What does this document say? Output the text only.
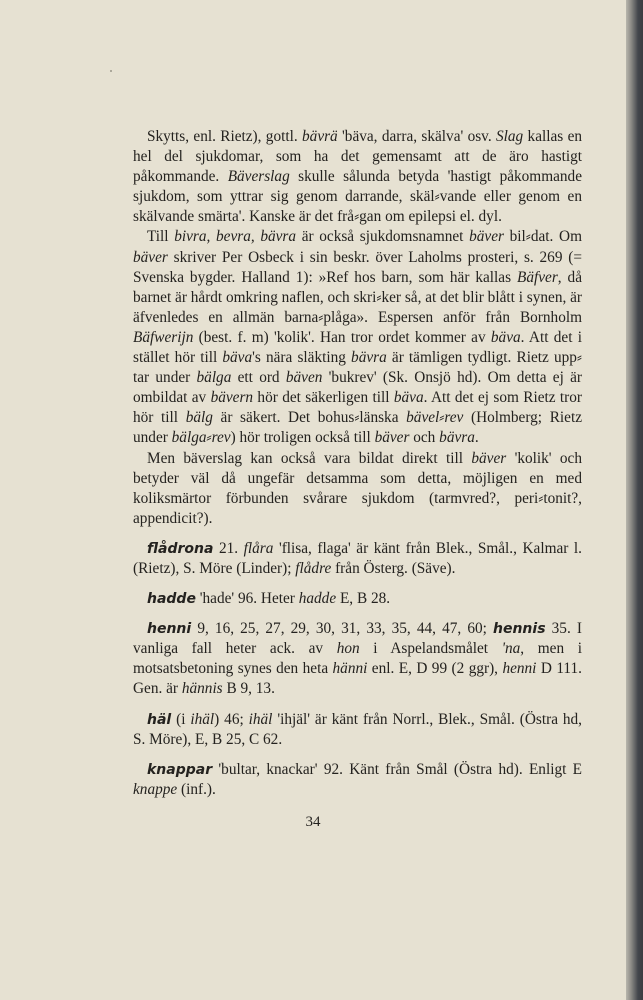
Skytts, enl. Rietz), gottl. bävrä 'bäva, darra, skälva' osv. Slag kallas en hel del sjukdomar, som ha det gemensamt att de äro hastigt påkommande. Bäverslag skulle sålunda betyda 'hastigt påkommande sjukdom, som yttrar sig genom darrande, skäl⸗vande eller genom en skälvande smärta'. Kanske är det frå⸗gan om epilepsi el. dyl.

Till bivra, bevra, bävra är också sjukdomsnamnet bäver bil⸗dat. Om bäver skriver Per Osbeck i sin beskr. över Laholms prosteri, s. 269 (= Svenska bygder. Halland 1): »Ref hos barn, som här kallas Bäfver, då barnet är hårdt omkring naflen, och skri⸗ker så, at det blir blått i synen, är äfvenledes en allmän barna⸗plåga». Espersen anför från Bornholm Bäfwerijn (best. f. m) 'kolik'. Han tror ordet kommer av bäva. Att det i stället hör till bäva's nära släkting bävra är tämligen tydligt. Rietz upp⸗tar under bälga ett ord bäven 'bukrev' (Sk. Onsjö hd). Om detta ej är ombildat av bävern hör det säkerligen till bäva. Att det ej som Rietz tror hör till bälg är säkert. Det bohus⸗länska bävel⸗rev (Holmberg; Rietz under bälga⸗rev) hör troligen också till bäver och bävra.

Men bäverslag kan också vara bildat direkt till bäver 'kolik' och betyder väl då ungefär detsamma som detta, möjligen en med koliksmärtor förbunden svårare sjukdom (tarmvred?, peri⸗tonit?, appendicit?).

flådrona 21. flåra 'flisa, flaga' är känt från Blek., Smål., Kalmar l. (Rietz), S. Möre (Linder); flådre från Österg. (Säve).

hadde 'hade' 96. Heter hadde E, B 28.

henni 9, 16, 25, 27, 29, 30, 31, 33, 35, 44, 47, 60; hennis 35. I vanliga fall heter ack. av hon i Aspelandsmålet 'na, men i motsatsbetoning synes den heta hänni enl. E, D 99 (2 ggr), henni D 111. Gen. är hännis B 9, 13.

häl (i ihäl) 46; ihäl 'ihjäl' är känt från Norrl., Blek., Smål. (Östra hd, S. Möre), E, B 25, C 62.

knappar 'bultar, knackar' 92. Känt från Smål (Östra hd). Enligt E knappe (inf.).

34
